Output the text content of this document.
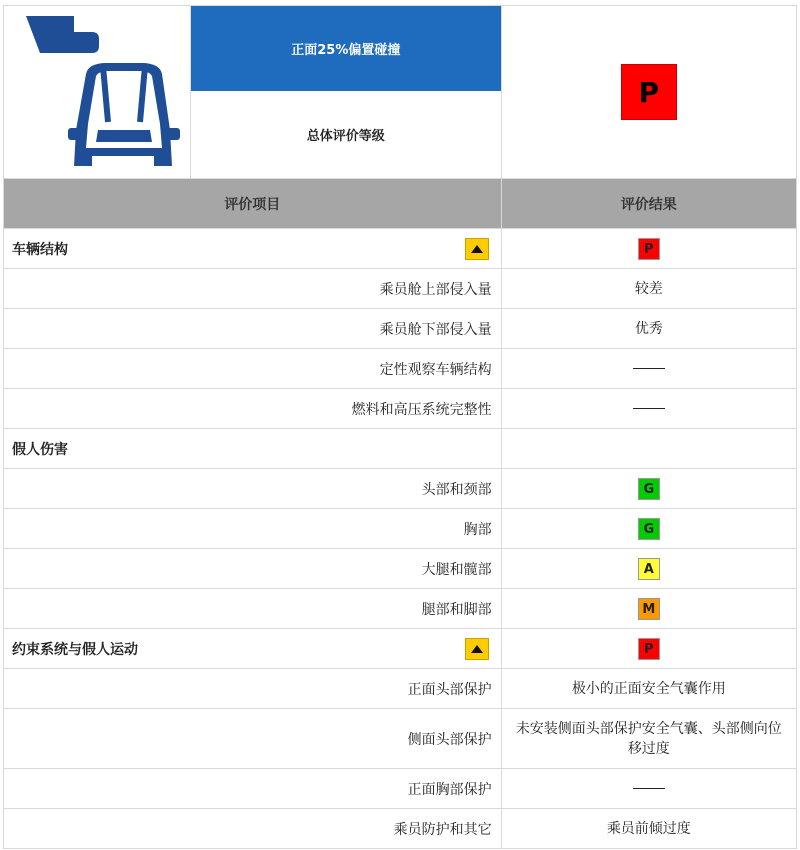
正面25%偏置碰撞
总体评价等级	P

评价项目	评价结果

车辆结构	P
乘员舱上部侵入量	较差
乘员舱下部侵入量	优秀
定性观察车辆结构	
燃料和高压系统完整性	

假人伤害	

头部和颈部	G
胸部	G
大腿和髋部	A
腿部和脚部	M

约束系统与假人运动	P
正面头部保护	极小的正面安全气囊作用
侧面头部保护	未安装侧面头部保护安全气囊、头部侧向位移过度
正面胸部保护	
乘员防护和其它	乘员前倾过度
